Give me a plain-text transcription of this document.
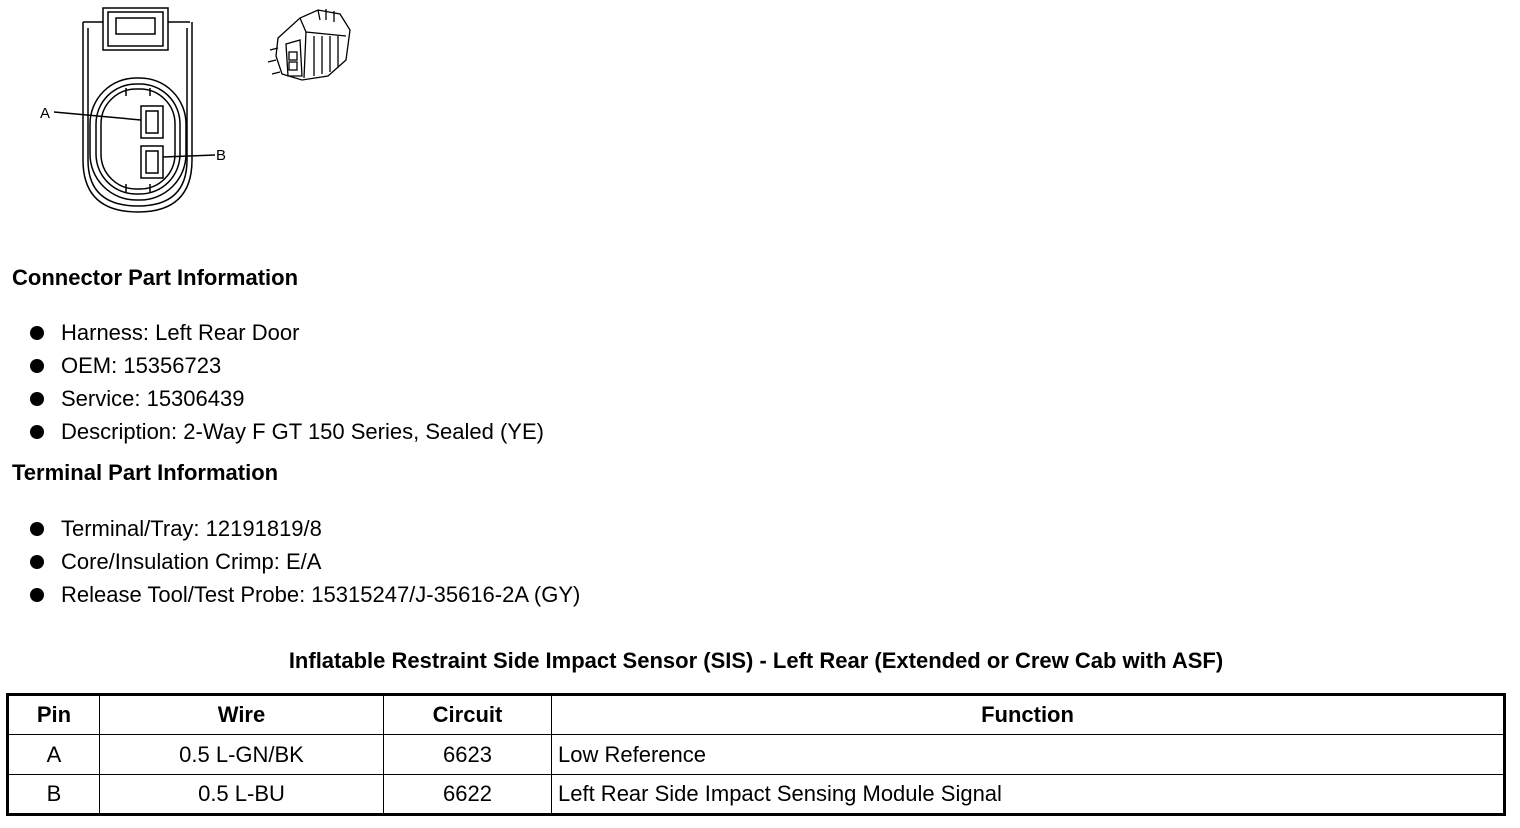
A
B
Connector Part Information
Harness: Left Rear Door
OEM: 15356723
Service: 15306439
Description: 2-Way F GT 150 Series, Sealed (YE)
Terminal Part Information
Terminal/Tray: 12191819/8
Core/Insulation Crimp: E/A
Release Tool/Test Probe: 15315247/J-35616-2A (GY)
Inflatable Restraint Side Impact Sensor (SIS) - Left Rear (Extended or Crew Cab with ASF)
Pin	Wire	Circuit	Function
A	0.5 L-GN/BK	6623	Low Reference
B	0.5 L-BU	6622	Left Rear Side Impact Sensing Module Signal
